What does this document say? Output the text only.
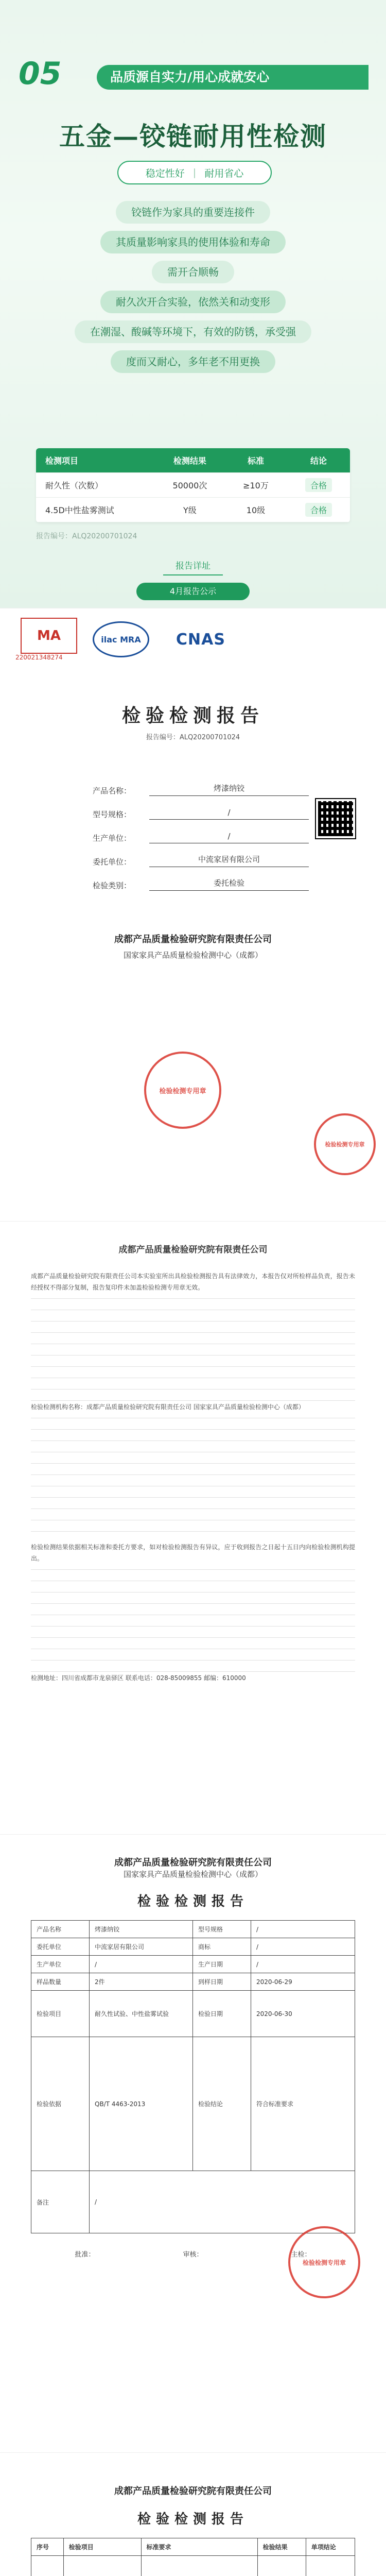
05	品质源自实力/用心成就安心
五金—铰链耐用性检测
稳定性好 | 耐用省心
铰链作为家具的重要连接件
其质量影响家具的使用体验和寿命
需开合顺畅
耐久次开合实验，依然关和动变形
在潮湿、酸碱等环境下，有效的防锈，承受强
度而又耐心，多年老不用更换
检测项目	检测结果	标准	结论
耐久性（次数）	50000次	≥10万	合格
4.5D中性盐雾测试	Y级	10级	合格
报告编号：ALQ20200701024
报告详址
4月报告公示
MA
220021348274
ilac MRA	CNAS
检验检测报告
报告编号：ALQ20200701024
产品名称：	烤漆纳铰
型号规格：	/
生产单位：	/
委托单位：	中流家居有限公司
检验类别：	委托检验
成都产品质量检验研究院有限责任公司
国家家具产品质量检验检测中心（成都）
检验检测专用章
检验检测专用章
成都产品质量检验研究院有限责任公司

成都产品质量检验研究院有限责任公司本实验室所出具检验检测报告具有法律效力，本报告仅对所检样品负责，报告未经授权不得部分复制，报告复印件未加盖检验检测专用章无效。

检验检测机构名称：成都产品质量检验研究院有限责任公司 国家家具产品质量检验检测中心（成都）

检验检测结果依据相关标准和委托方要求，如对检验检测报告有异议，应于收到报告之日起十五日内向检验检测机构提出。

检测地址：四川省成都市龙泉驿区 联系电话：028-85009855 邮编：610000

成都产品质量检验研究院有限责任公司
国家家具产品质量检验检测中心（成都）
检验检测报告
产品名称	烤漆纳铰	型号规格	/
委托单位	中流家居有限公司	商标	/
生产单位	/	生产日期	/
样品数量	2件	到样日期	2020-06-29
检验项目	耐久性试验、中性盐雾试验	检验日期	2020-06-30
检验依据	QB/T 4463-2013	检验结论	符合标准要求
备注	/
批准：	审核：	主检：
检验检测专用章
成都产品质量检验研究院有限责任公司
检验检测报告
序号	检验项目	标准要求	检验结果	单项结论
